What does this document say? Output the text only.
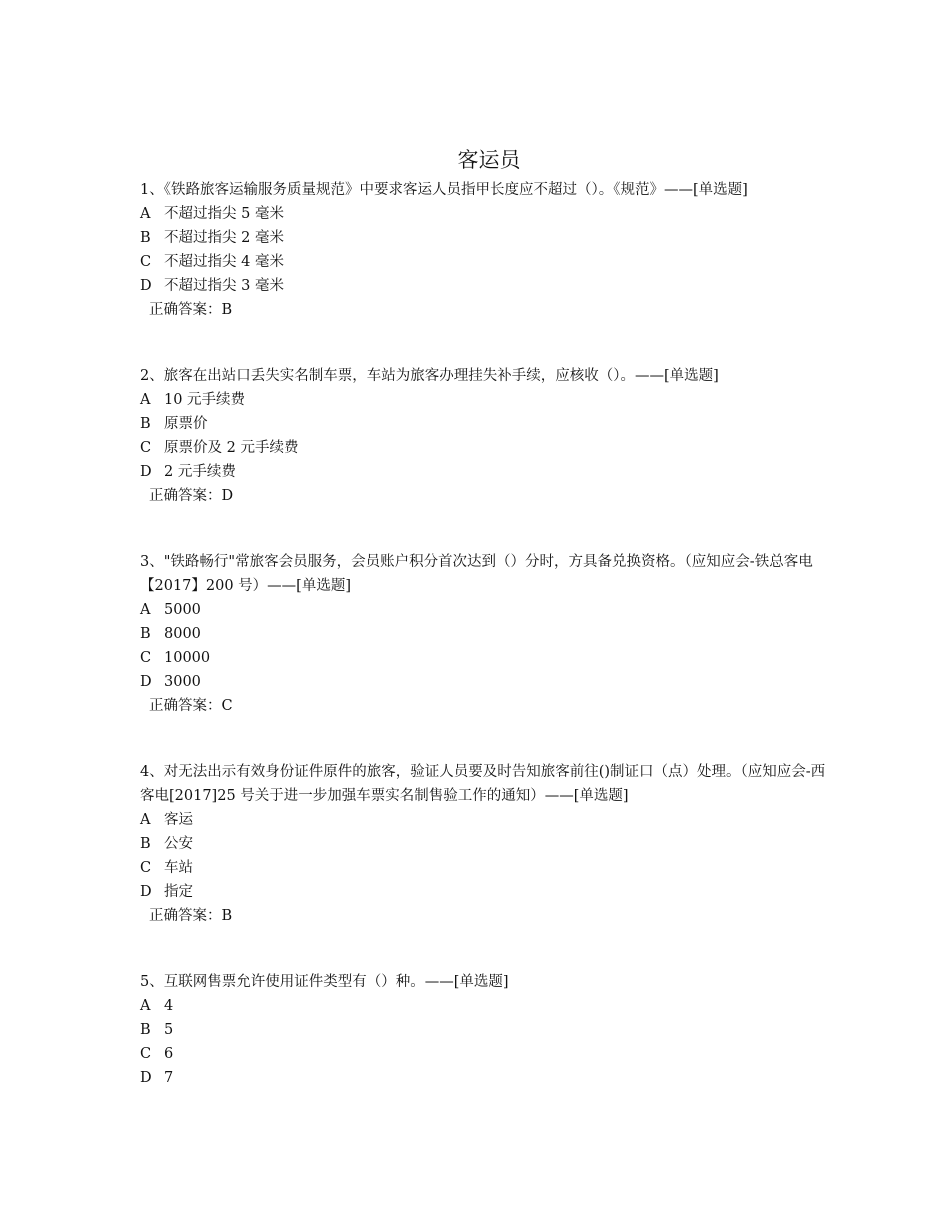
客运员
1、《铁路旅客运输服务质量规范》中要求客运人员指甲长度应不超过（）。《规范》——[单选题]
A 不超过指尖 5 毫米
B 不超过指尖 2 毫米
C 不超过指尖 4 毫米
D 不超过指尖 3 毫米
正确答案：B
2、旅客在出站口丢失实名制车票，车站为旅客办理挂失补手续，应核收（）。——[单选题]
A 10 元手续费
B 原票价
C 原票价及 2 元手续费
D 2 元手续费
正确答案：D
3、"铁路畅行"常旅客会员服务，会员账户积分首次达到（）分时，方具备兑换资格。（应知应会-铁总客电【2017】200 号）——[单选题]
A 5000
B 8000
C 10000
D 3000
正确答案：C
4、对无法出示有效身份证件原件的旅客，验证人员要及时告知旅客前往()制证口（点）处理。（应知应会-西客电[2017]25 号关于进一步加强车票实名制售验工作的通知）——[单选题]
A 客运
B 公安
C 车站
D 指定
正确答案：B
5、互联网售票允许使用证件类型有（）种。——[单选题]
A 4
B 5
C 6
D 7
